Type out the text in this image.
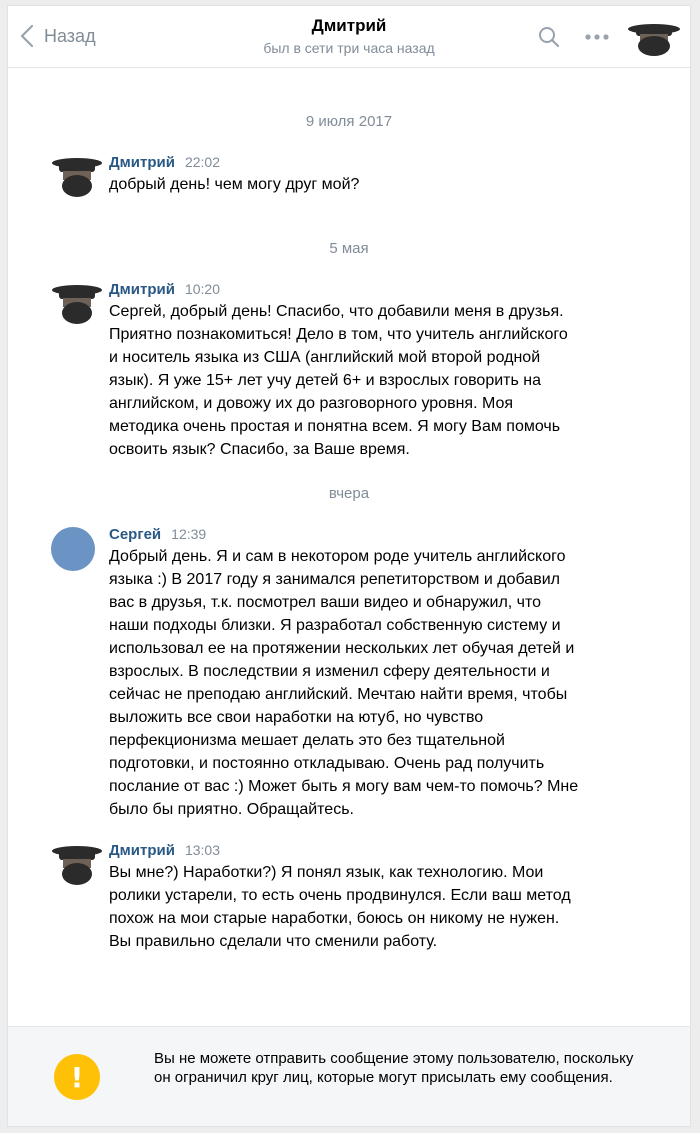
Назад	Дмитрий
был в сети три часа назад
9 июля 2017
Дмитрий 22:02
добрый день! чем могу друг мой?
5 мая
Дмитрий 10:20
Сергей, добрый день! Спасибо, что добавили меня в друзья.
Приятно познакомиться! Дело в том, что учитель английского
и носитель языка из США (английский мой второй родной
язык). Я уже 15+ лет учу детей 6+ и взрослых говорить на
английском, и довожу их до разговорного уровня. Моя
методика очень простая и понятна всем. Я могу Вам помочь
освоить язык? Спасибо, за Ваше время.
вчера
Сергей 12:39
Добрый день. Я и сам в некотором роде учитель английского
языка :) В 2017 году я занимался репетиторством и добавил
вас в друзья, т.к. посмотрел ваши видео и обнаружил, что
наши подходы близки. Я разработал собственную систему и
использовал ее на протяжении нескольких лет обучая детей и
взрослых. В последствии я изменил сферу деятельности и
сейчас не преподаю английский. Мечтаю найти время, чтобы
выложить все свои наработки на ютуб, но чувство
перфекционизма мешает делать это без тщательной
подготовки, и постоянно откладываю. Очень рад получить
послание от вас :) Может быть я могу вам чем-то помочь? Мне
было бы приятно. Обращайтесь.
Дмитрий 13:03
Вы мне?) Наработки?) Я понял язык, как технологию. Мои
ролики устарели, то есть очень продвинулся. Если ваш метод
похож на мои старые наработки, боюсь он никому не нужен.
Вы правильно сделали что сменили работу.
!
Вы не можете отправить сообщение этому пользователю, поскольку он ограничил круг лиц, которые могут присылать ему сообщения.
